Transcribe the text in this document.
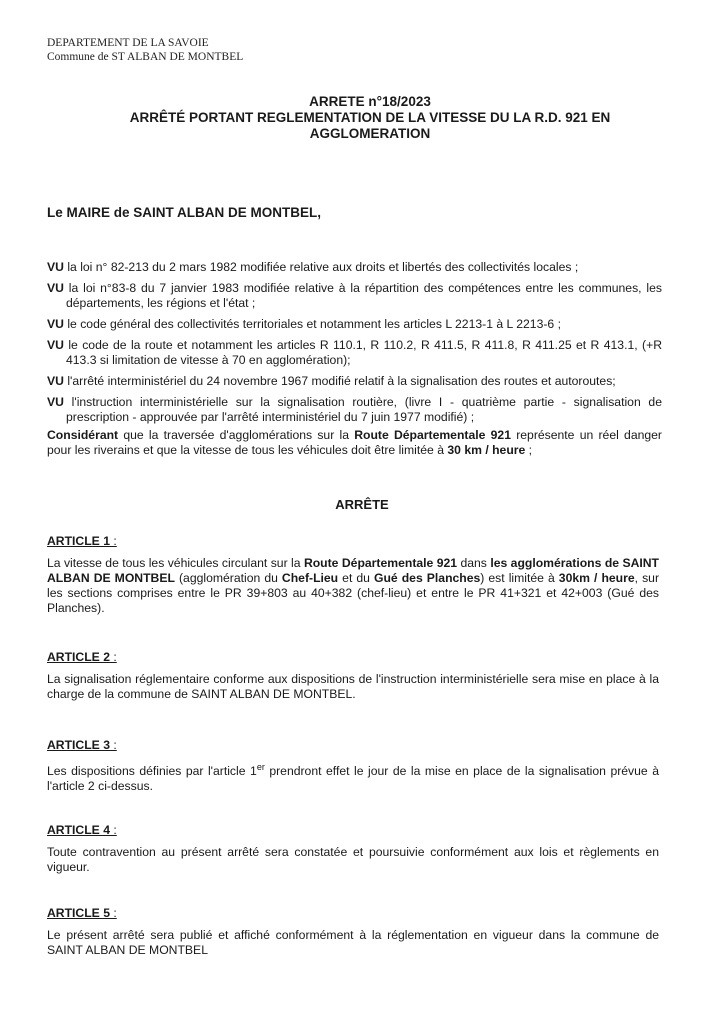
DEPARTEMENT DE LA SAVOIE
Commune de ST ALBAN DE MONTBEL
ARRETE n°18/2023
ARRÊTÉ PORTANT REGLEMENTATION DE LA VITESSE DU LA R.D. 921 EN
AGGLOMERATION
Le MAIRE de SAINT ALBAN DE MONTBEL,

VU la loi n° 82-213 du 2 mars 1982 modifiée relative aux droits et libertés des collectivités locales ;

VU la loi n°83-8 du 7 janvier 1983 modifiée relative à la répartition des compétences entre les communes, les départements, les régions et l'état ;

VU le code général des collectivités territoriales et notamment les articles L 2213-1 à L 2213-6 ;

VU le code de la route et notamment les articles R 110.1, R 110.2, R 411.5, R 411.8, R 411.25 et R 413.1, (+R 413.3 si limitation de vitesse à 70 en agglomération);

VU l'arrêté interministériel du 24 novembre 1967 modifié relatif à la signalisation des routes et autoroutes;

VU l'instruction interministérielle sur la signalisation routière, (livre I - quatrième partie - signalisation de prescription - approuvée par l'arrêté interministériel du 7 juin 1977 modifié) ;

Considérant que la traversée d'agglomérations sur la Route Départementale 921 représente un réel danger pour les riverains et que la vitesse de tous les véhicules doit être limitée à 30 km / heure ;

ARRÊTE
ARTICLE 1 :
La vitesse de tous les véhicules circulant sur la Route Départementale 921 dans les agglomérations de SAINT ALBAN DE MONTBEL (agglomération du Chef-Lieu et du Gué des Planches) est limitée à 30km / heure, sur les sections comprises entre le PR 39+803 au 40+382 (chef-lieu) et entre le PR 41+321 et 42+003 (Gué des Planches).
ARTICLE 2 :
La signalisation réglementaire conforme aux dispositions de l'instruction interministérielle sera mise en place à la charge de la commune de SAINT ALBAN DE MONTBEL.
ARTICLE 3 :
Les dispositions définies par l'article 1er prendront effet le jour de la mise en place de la signalisation prévue à l'article 2 ci-dessus.
ARTICLE 4 :
Toute contravention au présent arrêté sera constatée et poursuivie conformément aux lois et règlements en vigueur.
ARTICLE 5 :
Le présent arrêté sera publié et affiché conformément à la réglementation en vigueur dans la commune de SAINT ALBAN DE MONTBEL
